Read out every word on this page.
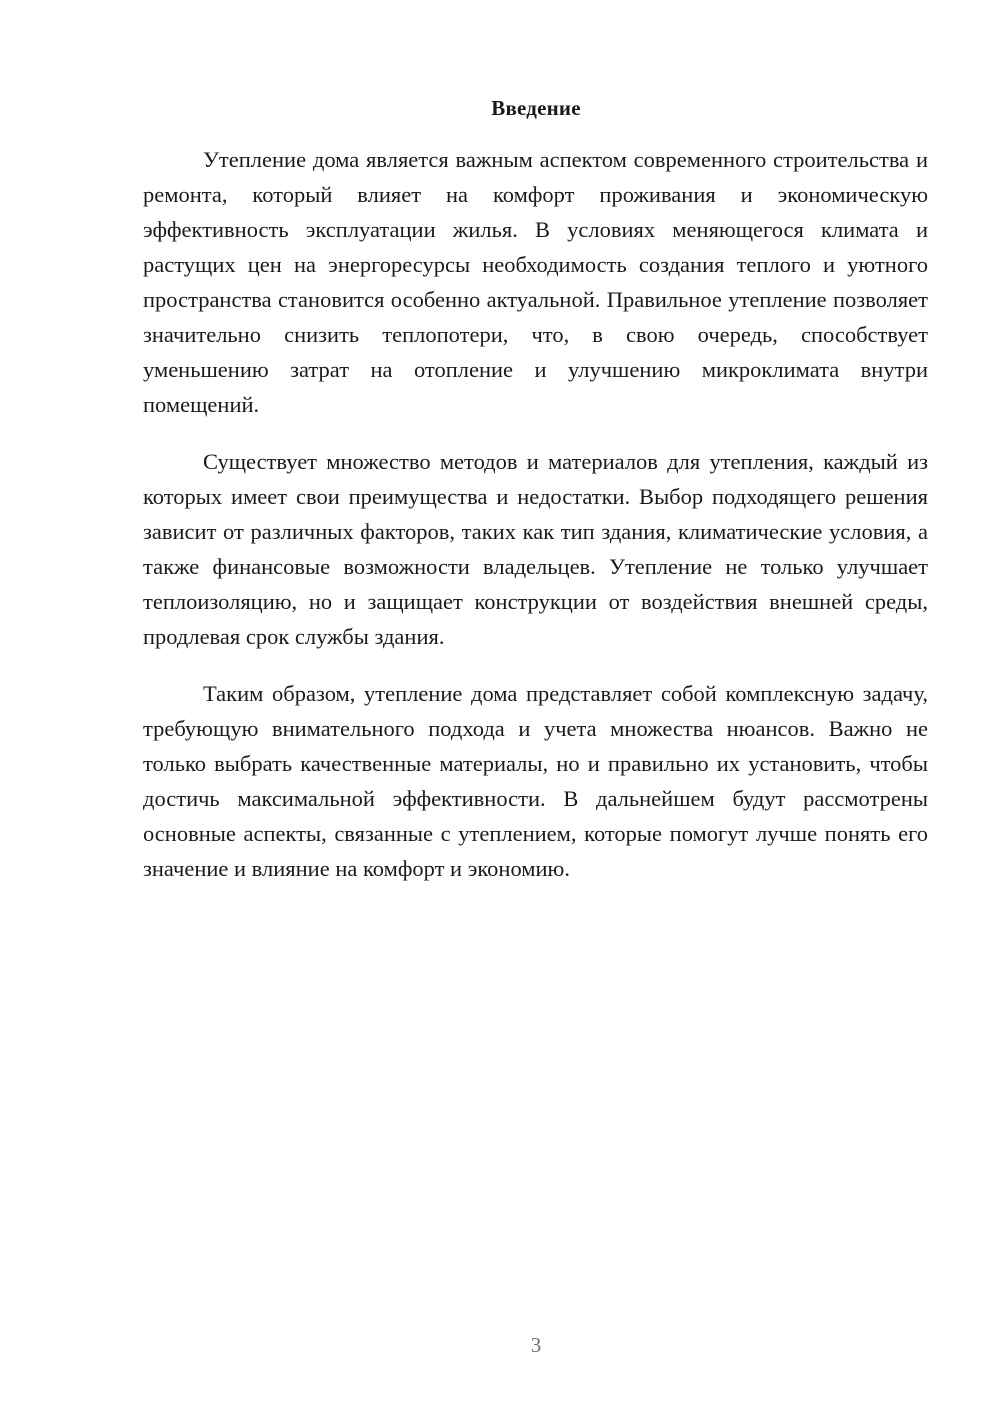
Введение

Утепление дома является важным аспектом современного строительства и ремонта, который влияет на комфорт проживания и экономическую эффективность эксплуатации жилья. В условиях меняющегося климата и растущих цен на энергоресурсы необходимость создания теплого и уютного пространства становится особенно актуальной. Правильное утепление позволяет значительно снизить теплопотери, что, в свою очередь, способствует уменьшению затрат на отопление и улучшению микроклимата внутри помещений.

Существует множество методов и материалов для утепления, каждый из которых имеет свои преимущества и недостатки. Выбор подходящего решения зависит от различных факторов, таких как тип здания, климатические условия, а также финансовые возможности владельцев. Утепление не только улучшает теплоизоляцию, но и защищает конструкции от воздействия внешней среды, продлевая срок службы здания.

Таким образом, утепление дома представляет собой комплексную задачу, требующую внимательного подхода и учета множества нюансов. Важно не только выбрать качественные материалы, но и правильно их установить, чтобы достичь максимальной эффективности. В дальнейшем будут рассмотрены основные аспекты, связанные с утеплением, которые помогут лучше понять его значение и влияние на комфорт и экономию.

3
